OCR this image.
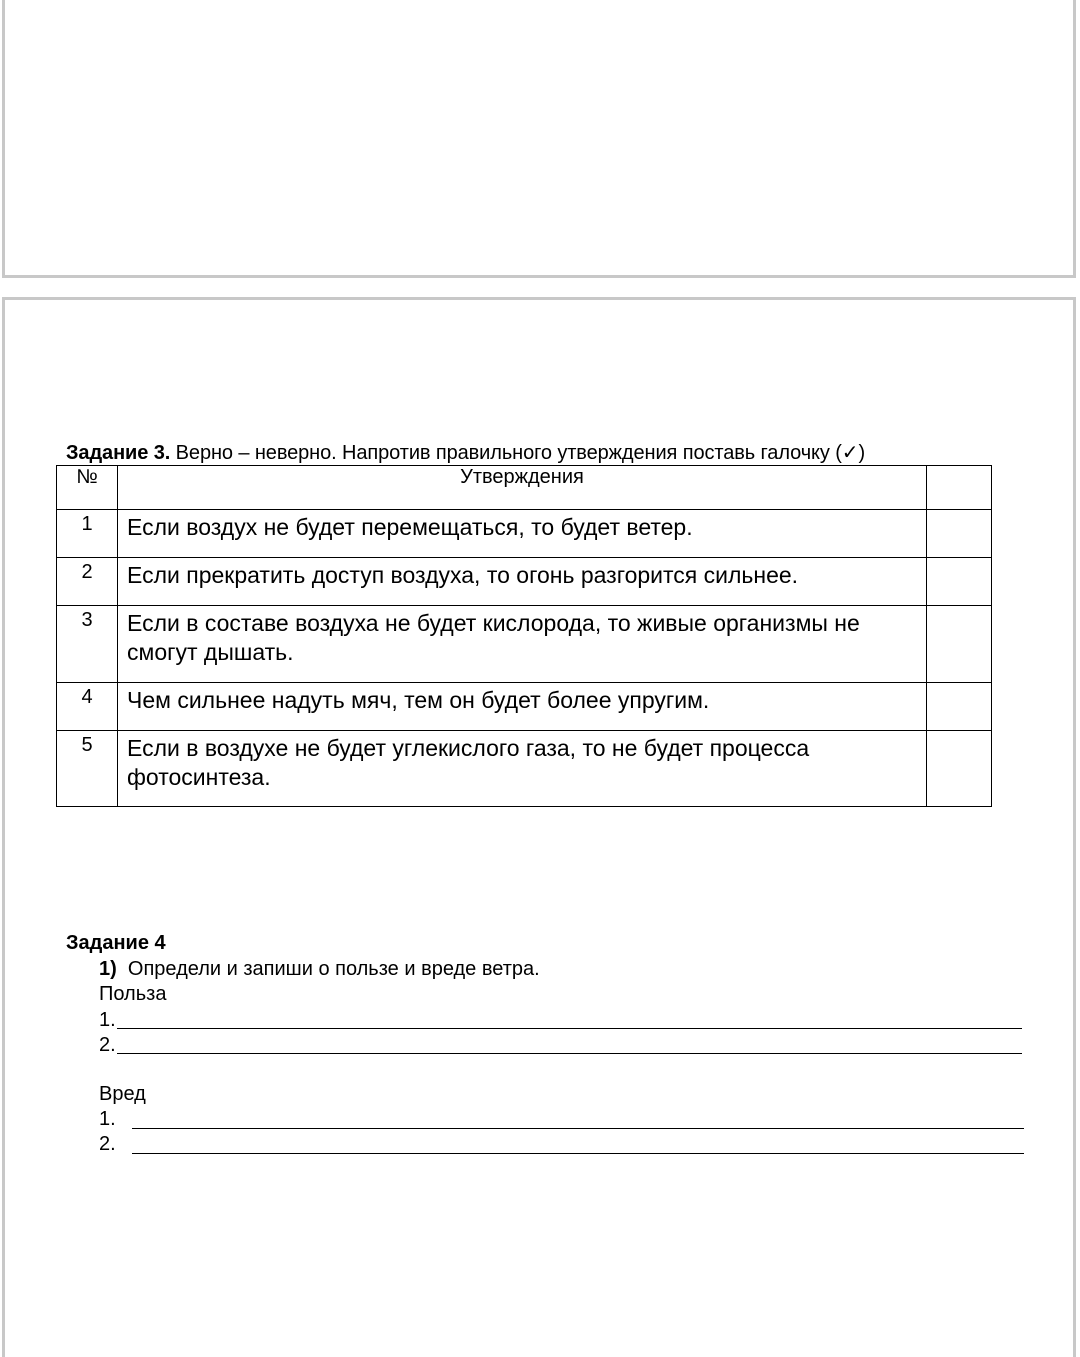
Задание 3. Верно – неверно. Напротив правильного утверждения поставь галочку (✓)
№	Утверждения	
1	Если воздух не будет перемещаться, то будет ветер.	
2	Если прекратить доступ воздуха, то огонь разгорится сильнее.	
3	Если в составе воздуха не будет кислорода, то живые организмы не смогут дышать.	
4	Чем сильнее надуть мяч, тем он будет более упругим.	
5	Если в воздухе не будет углекислого газа, то не будет процесса фотосинтеза.	
Задание 4
1) Определи и запиши о пользе и вреде ветра.
Польза
1.
2.
Вред
1.
2.
